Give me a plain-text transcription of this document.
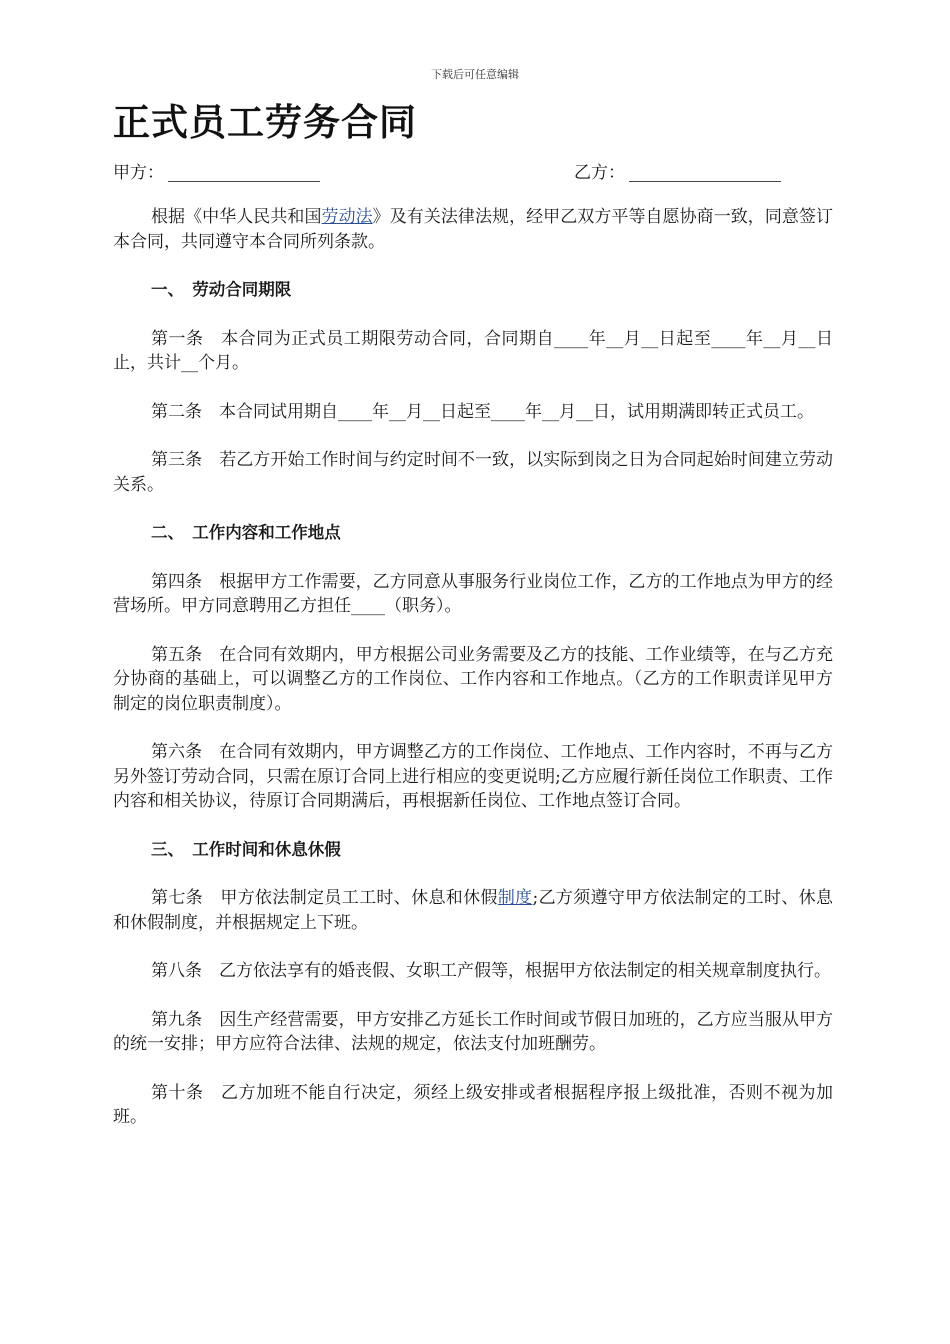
下载后可任意编辑
正式员工劳务合同
甲方：	乙方：

根据《中华人民共和国劳动法》及有关法律法规，经甲乙双方平等自愿协商一致，同意签订本合同，共同遵守本合同所列条款。

一、　劳动合同期限

第一条　本合同为正式员工期限劳动合同，合同期自____年__月__日起至____年__月__日止，共计__个月。

第二条　本合同试用期自____年__月__日起至____年__月__日，试用期满即转正式员工。

第三条　若乙方开始工作时间与约定时间不一致，以实际到岗之日为合同起始时间建立劳动关系。

二、　工作内容和工作地点

第四条　根据甲方工作需要，乙方同意从事服务行业岗位工作，乙方的工作地点为甲方的经营场所。甲方同意聘用乙方担任____（职务）。

第五条　在合同有效期内，甲方根据公司业务需要及乙方的技能、工作业绩等，在与乙方充分协商的基础上，可以调整乙方的工作岗位、工作内容和工作地点。（乙方的工作职责详见甲方制定的岗位职责制度）。

第六条　在合同有效期内，甲方调整乙方的工作岗位、工作地点、工作内容时，不再与乙方另外签订劳动合同，只需在原订合同上进行相应的变更说明;乙方应履行新任岗位工作职责、工作内容和相关协议，待原订合同期满后，再根据新任岗位、工作地点签订合同。

三、　工作时间和休息休假

第七条　甲方依法制定员工工时、休息和休假制度;乙方须遵守甲方依法制定的工时、休息和休假制度，并根据规定上下班。

第八条　乙方依法享有的婚丧假、女职工产假等，根据甲方依法制定的相关规章制度执行。

第九条　因生产经营需要，甲方安排乙方延长工作时间或节假日加班的，乙方应当服从甲方的统一安排；甲方应符合法律、法规的规定，依法支付加班酬劳。

第十条　乙方加班不能自行决定，须经上级安排或者根据程序报上级批准，否则不视为加班。
